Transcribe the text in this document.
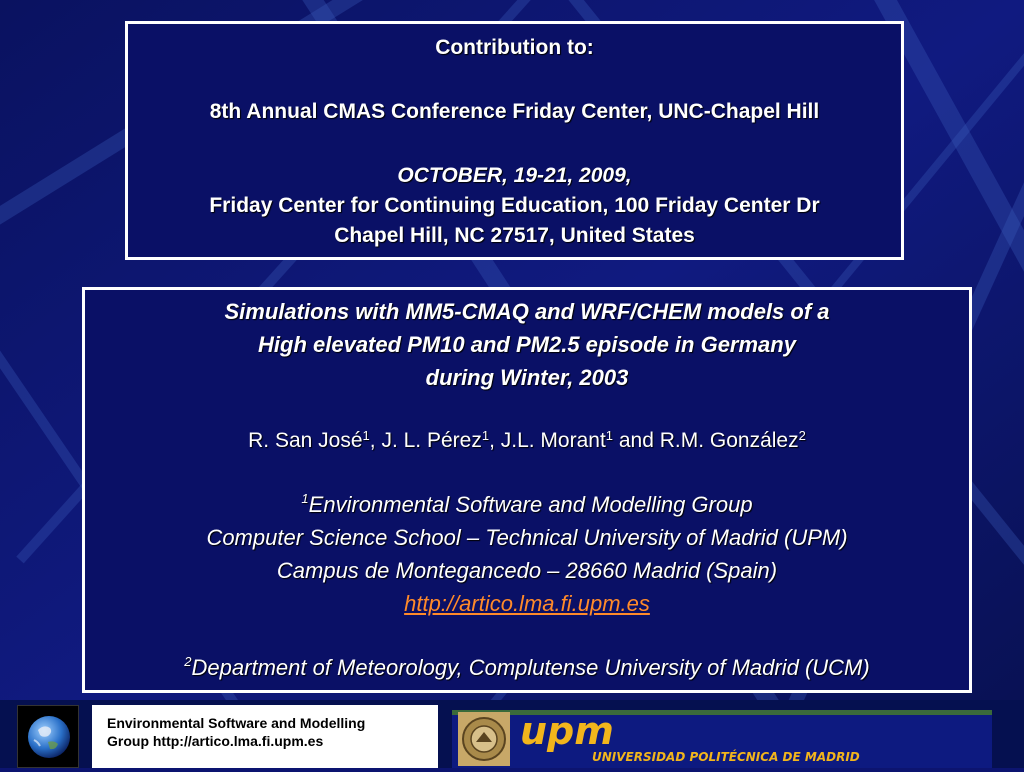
Contribution to:
8th Annual CMAS Conference Friday Center, UNC-Chapel Hill
OCTOBER, 19-21, 2009,
Friday Center for Continuing Education, 100 Friday Center Dr
Chapel Hill, NC 27517, United States
Simulations with MM5-CMAQ and WRF/CHEM models of a
High elevated PM10 and PM2.5 episode in Germany
during Winter, 2003
R. San José$^1$, J. L. Pérez$^1$, J.L. Morant$^1$ and R.M. González$^2$
$^1$Environmental Software and Modelling Group
Computer Science School – Technical University of Madrid (UPM)
Campus de Montegancedo – 28660 Madrid (Spain)
http://artico.lma.fi.upm.es
$^2$Department of Meteorology, Complutense University of Madrid (UCM)
Environmental Software and Modelling
Group http://artico.lma.fi.upm.es	upm
UNIVERSIDAD POLITÉCNICA DE MADRID
